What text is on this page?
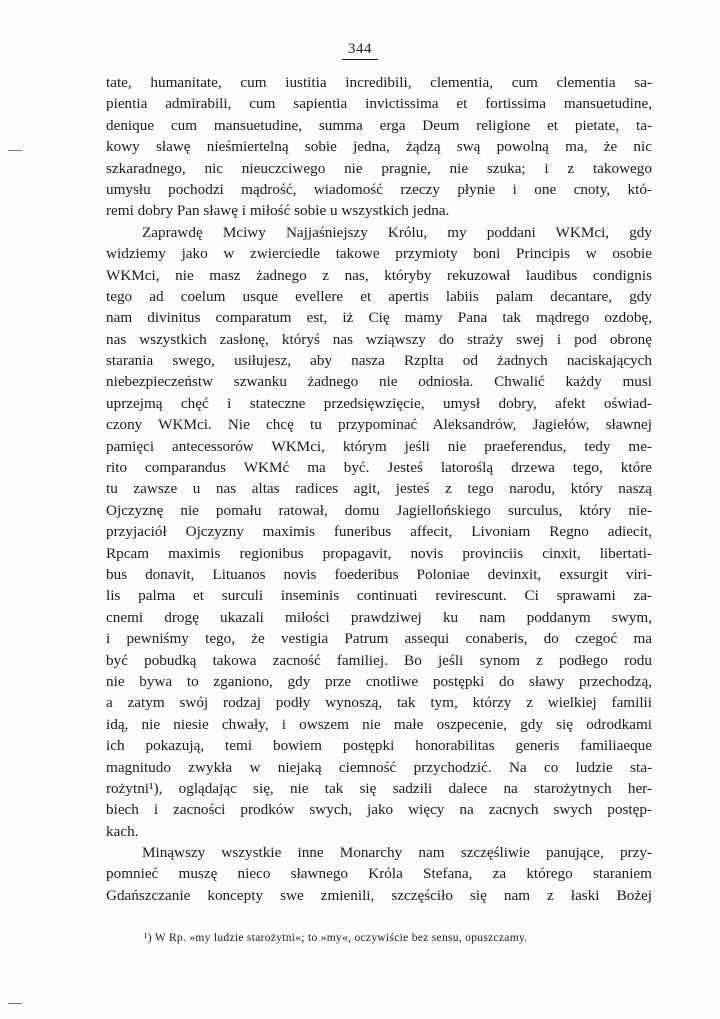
344
tate, humanitate, cum iustitia incredibili, clementia, cum clementia sa-
pientia admirabili, cum sapientia invictissima et fortissima mansuetudine,
denique cum mansuetudine, summa erga Deum religione et pietate, ta-
kowy sławę nieśmiertelną sobie jedna, żądzą swą powolną ma, że nic
szkaradnego, nic nieuczciwego nie pragnie, nie szuka; i z takowego
umysłu pochodzi mądrość, wiadomość rzeczy płynie i one cnoty, któ-
remi dobry Pan sławę i miłość sobie u wszystkich jedna.
Zaprawdę Mciwy Najjaśniejszy Królu, my poddani WKMci, gdy
widziemy jako w zwierciedle takowe przymioty boni Principis w osobie
WKMci, nie masz żadnego z nas, któryby rekuzował laudibus condignis
tego ad coelum usque evellere et apertis labiis palam decantare, gdy
nam divinitus comparatum est, iż Cię mamy Pana tak mądrego ozdobę,
nas wszystkich zasłonę, któryś nas wziąwszy do straży swej i pod obronę
starania swego, usiłujesz, aby nasza Rzplta od żadnych naciskających
niebezpieczeństw szwanku żadnego nie odniosła. Chwalić każdy musi
uprzejmą chęć i stateczne przedsięwzięcie, umysł dobry, afekt oświad-
czony WKMci. Nie chcę tu przypominać Aleksandrów, Jagiełów, sławnej
pamięci antecessorów WKMci, którym jeśli nie praeferendus, tedy me-
rito comparandus WKMć ma być. Jesteś latoroślą drzewa tego, które
tu zawsze u nas altas radices agit, jesteś z tego narodu, który naszą
Ojczyznę nie pomału ratował, domu Jagiellońskiego surculus, który nie-
przyjaciół Ojczyzny maximis funeribus affecit, Livoniam Regno adiecit,
Rpcam maximis regionibus propagavit, novis provinciis cinxit, libertati-
bus donavit, Lituanos novis foederibus Poloniae devinxit, exsurgit viri-
lis palma et surculi inseminis continuati revirescunt. Ci sprawami za-
cnemi drogę ukazali miłości prawdziwej ku nam poddanym swym,
i pewniśmy tego, że vestigia Patrum assequi conaberis, do czegoć ma
być pobudką takowa zacność familiej. Bo jeśli synom z podłego rodu
nie bywa to zganiono, gdy prze cnotliwe postępki do sławy przechodzą,
a zatym swój rodzaj podły wynoszą, tak tym, którzy z wielkiej familii
idą, nie niesie chwały, i owszem nie małe oszpecenie, gdy się odrodkami
ich pokazują, temi bowiem postępki honorabilitas generis familiaeque
magnitudo zwykła w niejaką ciemność przychodzić. Na co ludzie sta-
rożytni¹), oglądając się, nie tak się sadzili dalece na starożytnych her-
biech i zacności prodków swych, jako więcy na zacnych swych postęp-
kach.
Minąwszy wszystkie inne Monarchy nam szczęśliwie panujące, przy-
pomnieć muszę nieco sławnego Króla Stefana, za którego staraniem
Gdańszczanie koncepty swe zmienili, szczęściło się nam z łaski Bożej
¹) W Rp. »my ludzie starożytni«; to »my«, oczywiście bez sensu, opuszczamy.
